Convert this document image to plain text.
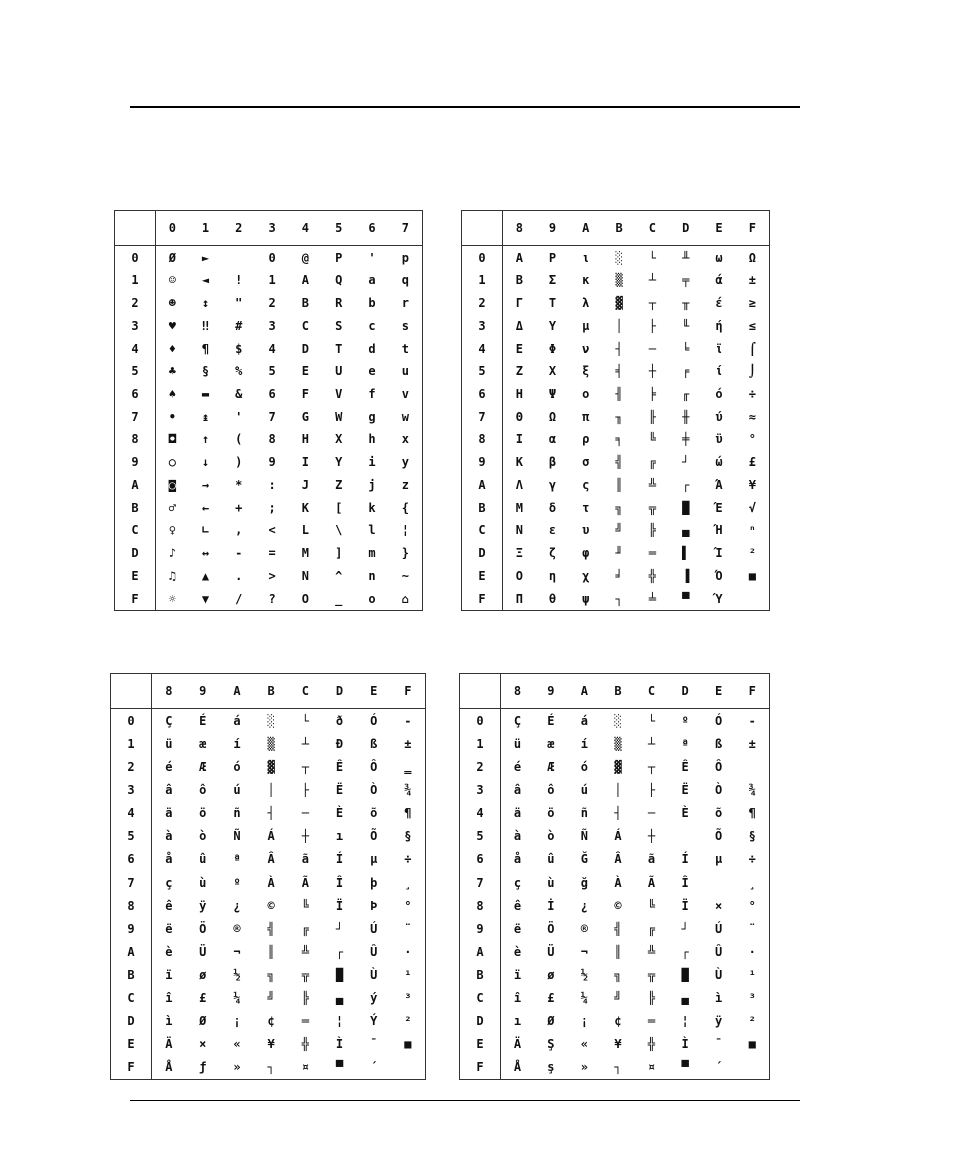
	0	1	2	3	4	5	6	7
0	Ø	►		0	@	P	'	p
1	☺	◄	!	1	A	Q	a	q
2	☻	↕	"	2	B	R	b	r
3	♥	‼	#	3	C	S	c	s
4	♦	¶	$	4	D	T	d	t
5	♣	§	%	5	E	U	e	u
6	♠	▬	&	6	F	V	f	v
7	•	↨	'	7	G	W	g	w
8	◘	↑	(	8	H	X	h	x
9	○	↓	)	9	I	Y	i	y
A	◙	→	*	:	J	Z	j	z
B	♂	←	+	;	K	[	k	{
C	♀	∟	,	<	L	\	l	¦
D	♪	↔	-	=	M	]	m	}
E	♫	▲	.	>	N	^	n	~
F	☼	▼	/	?	O	_	o	⌂
	8	9	A	B	C	D	E	F
0	Α	Ρ	ι	░	└	╨	ω	Ω
1	Β	Σ	κ	▒	┴	╤	ά	±
2	Γ	Τ	λ	▓	┬	╥	έ	≥
3	Δ	Υ	μ	│	├	╙	ή	≤
4	Ε	Φ	ν	┤	─	╘	ϊ	⌠
5	Ζ	Χ	ξ	╡	┼	╒	ί	⌡
6	Η	Ψ	ο	╢	╞	╓	ό	÷
7	Θ	Ω	π	╖	╟	╫	ύ	≈
8	Ι	α	ρ	╕	╚	╪	ϋ	°
9	Κ	β	σ	╣	╔	┘	ώ	£
A	Λ	γ	ς	║	╩	┌	Ά	¥
B	Μ	δ	τ	╗	╦	█	Έ	√
C	Ν	ε	υ	╝	╠	▄	Ή	ⁿ
D	Ξ	ζ	φ	╜	═	▌	Ί	²
E	Ο	η	χ	╛	╬	▐	Ό	■
F	Π	θ	ψ	┐	╧	▀	Ύ	
	8	9	A	B	C	D	E	F
0	Ç	É	á	░	└	ð	Ó	-
1	ü	æ	í	▒	┴	Ð	ß	±
2	é	Æ	ó	▓	┬	Ê	Ô	‗
3	â	ô	ú	│	├	Ë	Ò	¾
4	ä	ö	ñ	┤	─	È	õ	¶
5	à	ò	Ñ	Á	┼	ı	Õ	§
6	å	û	ª	Â	ã	Í	µ	÷
7	ç	ù	º	À	Ã	Î	þ	¸
8	ê	ÿ	¿	©	╚	Ï	Þ	°
9	ë	Ö	®	╣	╔	┘	Ú	¨
A	è	Ü	¬	║	╩	┌	Û	·
B	ï	ø	½	╗	╦	█	Ù	¹
C	î	£	¼	╝	╠	▄	ý	³
D	ì	Ø	¡	¢	═	¦	Ý	²
E	Ä	×	«	¥	╬	Ì	¯	■
F	Å	ƒ	»	┐	¤	▀	´	
	8	9	A	B	C	D	E	F
0	Ç	É	á	░	└	º	Ó	-
1	ü	æ	í	▒	┴	ª	ß	±
2	é	Æ	ó	▓	┬	Ê	Ô	
3	â	ô	ú	│	├	Ë	Ò	¾
4	ä	ö	ñ	┤	─	È	õ	¶
5	à	ò	Ñ	Á	┼		Õ	§
6	å	û	Ğ	Â	ã	Í	µ	÷
7	ç	ù	ğ	À	Ã	Î		¸
8	ê	İ	¿	©	╚	Ï	×	°
9	ë	Ö	®	╣	╔	┘	Ú	¨
A	è	Ü	¬	║	╩	┌	Û	·
B	ï	ø	½	╗	╦	█	Ù	¹
C	î	£	¼	╝	╠	▄	ì	³
D	ı	Ø	¡	¢	═	¦	ÿ	²
E	Ä	Ş	«	¥	╬	Ì	¯	■
F	Å	ş	»	┐	¤	▀	´	
